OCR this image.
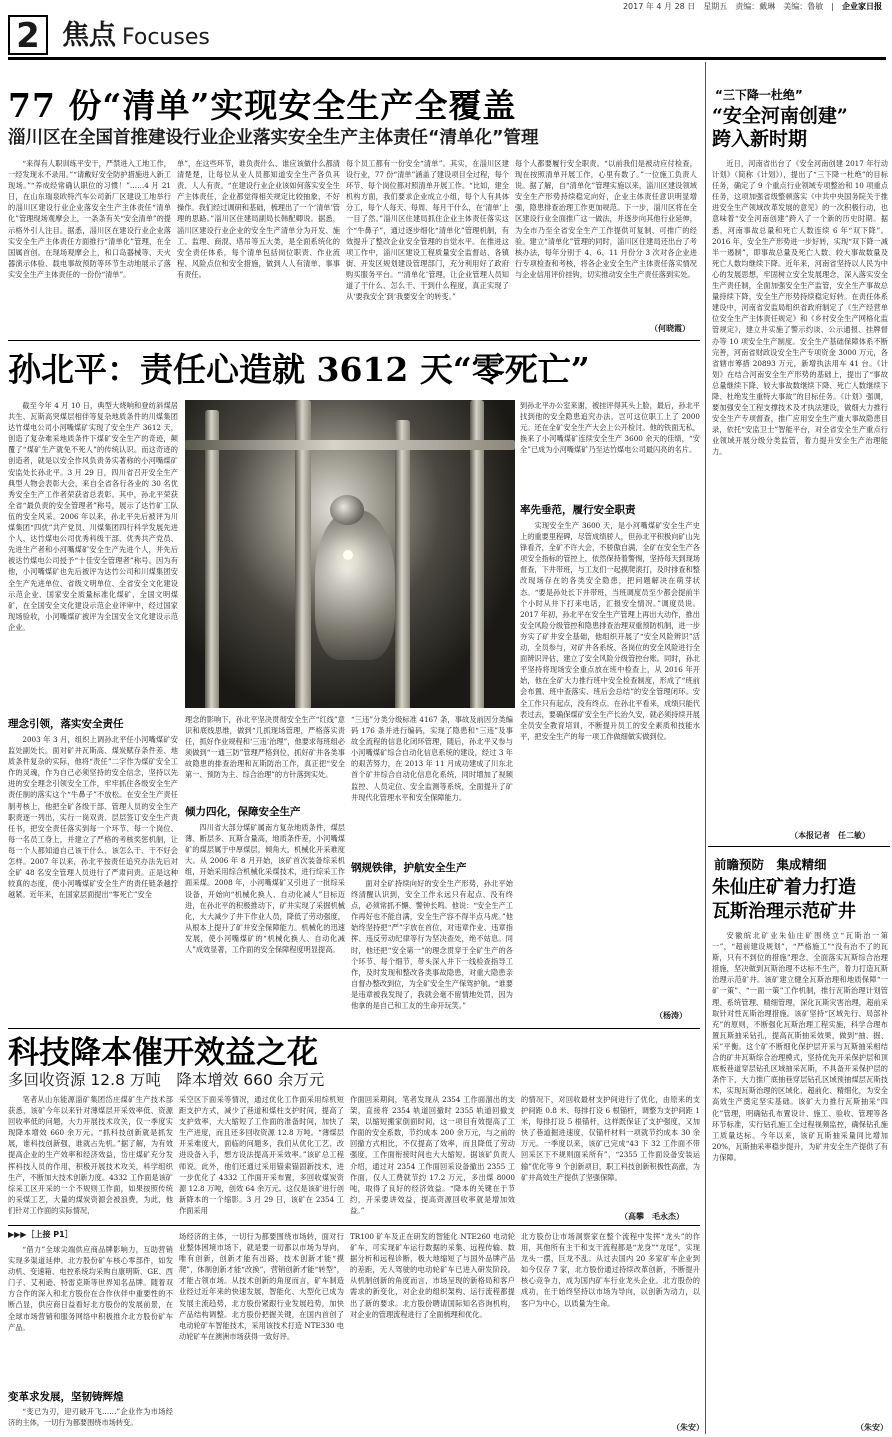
2017 年 4 月 28 日　星期五　责编：戴琳　美编：鲁敏　|　企业家日报
2 焦点 Focuses
77 份“清单”实现安全生产全覆盖
淄川区在全国首推建设行业企业落实安全生产主体责任“清单化”管理
“来得有人职训练平安干，严禁进入工地工作，一经发现永不录用。”“请戴好安全防护措施进入新工现场。”“养成经常确认职位的习惯！”……4 月 21 日，在山东瑞泉欧特汽车公司新厂区建设工地举行的淄川区建设行业企业落安全生产主体责任“清单化”管理现场观摩会上，一条条有关“安全清单”的提示格外引人注目。据悉，淄川区在建设行业企业落实安全生产主体责任方面推行“清单化”管理，在全国属首创。在现场观摩会上，和口岛器械等、天火器演示体验、载电事故预防等环节生动地展示了落实安全生产主体责任的一份份“清单”。
单”，在这些环节，谁负责什么、谁应该做什么都清清楚楚，让每位从业人员都知道安全生产各负其责、人人有责。“在建设行业企业该如何落实安全生产主体责任，企业都觉得相关规定比较抽象，不好操作。我们经过调研和基础，梳理出了一个‘清单’管理的思路。”淄川区住建局副局长韩配卿说。据悉，淄川区建设行业企业的安全生产清单分为开发、施工、监理、商混、塔吊等五大类，是全面系统化的安全责任体系，每个清单包括岗位职责、作业流程、风险点位和安全措施，做到人人有清单、事事有责任。
每个员工都有一份安全“清单”。其实，在淄川区建设行业，77 份“清单”涵盖了建设项目全过程，每个环节、每个岗位都对照清单开展工作。“比如，建全机构方面，我们要求企业成立小组，每个人有具体分工，每个人每天、每周、每月干什么，在‘清单’上一目了然。”淄川区住建局抓住企业主体责任落实这个“牛鼻子”，通过逐步细化“清单化”管理机制，有效提升了整改企业安全管理的自觉水平。在推进这项工作中，淄川区建设工程质量安全监督站、各镇街、开发区规划建设管理部门，充分利用好了政府购买服务平台。“‘清单化’管理，让企业管理人员知道了干什么、怎么干、干到什么程度，真正实现了从‘要我安全’到‘我要安全’的转变。”
每个人都要履行安全职责。“以前我们是被动应付检查，现在按照清单开展工作，心里有数了。”一位施工负责人说。据了解，自“清单化”管理实施以来，淄川区建设领域安全生产形势持续稳定向好，企业主体责任意识明显增强，隐患排查治理工作更加规范。下一步，淄川区将在全区建设行业全面推广这一做法，并逐步向其他行业延伸，为全市乃至全省安全生产工作提供可复制、可推广的经验。建立“清单化”管理的同时，淄川区住建局还出台了考核办法，每年分别于 4、6、11 月份分 3 次对各企业进行专项检查和考核，将各企业安全生产主体责任落实情况与企业信用评价挂钩，切实推动安全生产责任落到实处。
（何晓霞）
孙北平：责任心造就 3612 天“零死亡”
截至今年 4 月 10 日，典型大烧响和登纺斜煤居共生、瓦斯高突煤层相伴等复杂地质条件的川煤集团达竹煤电公司小河嘴煤矿实现了安全生产 3612 天，创造了复杂难采地质条件下煤矿安全生产的奇迹，颠覆了“煤矿生产就免不死人”的传统认识。而这奇迹的创造者，就是以安全作风负责务实著称的小河嘴煤矿安监处长孙北平。3 月 29 日，四川省召开安全生产典型人物会表彰大会，来自全省各行各业的 30 名优秀安全生产工作者荣获省总表彰。其中，孙北平荣获全省“最负责的安全管理者”称号，展示了达竹矿工队伍的安全风采。2006 年以来，孙北平先后被评为川煤集团“四优”共产党员、川煤集团四行科学发展先进个人、达竹煤电公司优秀科级干部、优秀共产党员、先进生产者和小河嘴煤矿安全生产先进个人，并先后被达竹煤电公司授予“十佳安全管理者”称号。因为有他，小河嘴煤矿也先后被评为达竹公司和川煤集团安全生产先进单位、省级文明单位、全省安全文化建设示范企业、国家安全质量标准化煤矿、全国文明煤矿，在全国安全文化建设示范企业评审中，经过国家现场验收，小河嘴煤矿被评为全国安全文化建设示范企业。
理念引领，落实安全责任
2003 年 3 月，组织上调孙北平任小河嘴煤矿安监处副处长。面对矿井瓦斯高、煤炭赋存条件差、地质条件复杂的实际，他将“责任”二字作为煤矿安全工作的灵魂，作为自己必须坚持的安全信念，坚持以先进的安全理念引领安全工作，牢牢抓住各级安全生产责任制的落实这个“牛鼻子”不放松。在安全生产责任制考核上，他把全矿各级干部、管理人员的安全生产职责逐一列出，实行一岗双责、层层签订安全生产责任书，把安全责任落实到每一个环节、每一个岗位、每一名员工身上，并建立了严格的考核奖惩机制，让每一个人都知道自己该干什么、该怎么干、干不好会怎样。2007 年以来，孙北平按责任追究办法先后对全矿 48 名安全管理人员进行了严肃问责。正是这种较真的态度，使小河嘴煤矿安全生产的责任链条越拧越紧。近年来，在国家层面提出“零死亡”安全
理念的影响下，孙北平坚决贯彻安全生产“红线”意识和底线思维，做到“几抓现场管理，严格落实责任，抓好作业规程和‘三违’治理”，他要求每班组必须做到“一通三防”管理严格到位，抓好矿井各类事故隐患的排查治理和瓦斯防治工作，真正把“安全第一、预防为主、综合治理”的方针落到实处。
倾力四化，保障安全生产
四川省大部分煤矿属南方复杂地质条件，煤层薄、断层多、瓦斯含量高，地质条件差，小河嘴煤矿的煤层属于中厚煤层，倾角大，机械化开采难度大。从 2006 年 8 月开始，该矿首次装备综采机组，开始采用综合机械化采煤技术，进行综采工作面采煤。2008 年，小河嘴煤矿又引进了一批综采设备，开始向“机械化换人、自动化减人”目标迈进，在孙北平的积极推动下，矿井实现了采掘机械化，大大减少了井下作业人员，降低了劳动强度，从根本上提升了矿井安全保障能力。机械化的迅速发展，使小河嘴煤矿的“机械化换人、自动化减人”成效显著，工作面的安全保障程度明显提高。
“三违”分类分级标准 4167 条，事故及前因分类编码 176 条并进行编码，实现了隐患和“三违”及事故全流程的信息化闭环管理，随后，孙北平又参与小河嘴煤矿综合自动化信息系统的建设，经过 3 年的艰苦努力，在 2013 年 11 月成功建成了川东北首个矿井综合自动化信息化系统，同时增加了视频监控、人员定位、安全监测等系统，全面提升了矿井现代化管理水平和安全保障能力。
钢规铁律，护航安全生产
面对全矿持续向好的安全生产形势，孙北平始终清醒认识到，安全工作永远只有起点、没有终点，必须常抓不懈、警钟长鸣。他说：“安全生产工作再好也不能自满，安全生产容不得半点马虎。”他始终坚持把“严”字放在首位，对违章作业、违章指挥、违反劳动纪律等行为坚决查处，绝不姑息。同时，他还把“安全第一”的理念贯穿于全矿生产的各个环节、每个细节，带头深入井下一线检查指导工作，及时发现和整改各类事故隐患，对重大隐患亲自督办整改到位，为全矿安全生产保驾护航。“谁要是违章被我发现了，我就会毫不留情地处罚，因为他拿的是自己和工友的生命开玩笑。”
到孙北平办公室来谢，被挂评得其头上脸，最后，孙北平找到他的安全隐患追究办法，岂可这位职工上了 2000 元。还在全矿安全生产大会上公开检讨。他的铁面无私，换来了小河嘴煤矿连续安全生产 3600 余天的佳绩，“安全”已成为小河嘴煤矿乃至达竹煤电公司最闪亮的名片。
率先垂范，履行安全职责
实现安全生产 3600 天，是小河嘴煤矿安全生产史上的重要里程碑，尽管成绩骄人，但孙北平积极向矿山先锋看齐，全矿不许大会，不骄傲自满，全矿在安全生产各项安全指标的管控上，依然保持着警惕，坚持每天到现场督查，下井带班，与工友们一起摸爬滚打，及时排查和整改现场存在的各类安全隐患，把问题解决在萌芽状态。“要是孙处长下井带班，当班调度员至少都会提前半个小时从井下打来电话，汇报安全情况。”调度员说。2017 年初，孙北平在安全生产管理上再出大动作，推出安全风险分级管控和隐患排查治理双重预防机制，进一步夯实了矿井安全基础，他组织开展了“安全风险辨识”活动，全员参与，对矿井各系统、各岗位的安全风险进行全面辨识评估，建立了安全风险分级管控台账。同时，孙北平坚持将现场安全重点放在班中检查上，从 2016 年开始，他在全矿大力推行班中安全检查制度，形成了“班前会布置、班中查落实、班后会总结”的安全管理闭环。安全工作只有起点，没有终点。在孙北平看来，成绩只能代表过去，要确保煤矿安全生产长治久安，就必须持续开展全员安全教育培训，不断提升员工的安全素质和技能水平，把安全生产的每一项工作做细做实做到位。
（杨涛）
科技降本催开效益之花
多回收资源 12.8 万吨　降本增效 660 余万元
笔者从山东能源淄矿集团岱庄煤矿生产技术部获悉，该矿今年以来针对薄煤层开采效率低、资源回收率低的问题，大力开展技术攻关，仅一季度实现降本增效 660 余万元。“抓科技创新就是抓发展，谁科技创新强，谁就占先机。”据了解，为有效提高企业的生产效率和经济效益，岱庄煤矿充分发挥科技人员的作用，积极开展技术攻关，科学组织生产，不断加大技术创新力度。4332 工作面是该矿综采工区开采的一个不规则工作面，如果按照传统的采煤工艺，大量的煤炭资源会被浪费，为此，他们针对工作面的实际情况，
采空区下面采等情况，通过优化工作面采用综机短距支护方式，减少了巷道和煤柱支护时间，提高了支护效率，大大缩短了工作面的准备时间，加快了生产进度，而且还多回收资源 12.8 万吨。“薄煤层开采难度大，面临的问题多，我们从优化工艺、改进设备入手，想方设法提高开采效率。”该矿总工程师说。此外，他们还通过采用锚索锚固新技术，进一步优化了 4332 工作面开采布置，多回收煤炭资源 12.8 万吨，创效 64 余万元。这仅是该矿进行创新降本的一个缩影。3 月 29 日，该矿在 2354 工作面采用
作面回采期间，笔者发现从 2354 工作面溜出的支架，直接将 2354 轨道回撤时 2355 轨道回撤支架，以缩短搬家倒面时间，这一项目有效提高了工作面的安全系数，节约成本 200 余万元，与之前的回撤方式相比，不仅提高了效率，而且降低了劳动强度，工作面衔接时间也大大缩短。据该矿负责人介绍，通过对 2354 工作面回采设备撤出 2355 工作面，仅人工费就节约 17.2 万元，多出煤 8000 吨，取得了良好的经济效益。“降本的关键在于节约，开采要讲效益，提高资源回收率就是增加效益。”
的情况下，对回收最材支护间进行了优化，由原来的支护间距 0.8 米、每排打设 6 根锚杆，调整为支护间距 1 米，每排打设 5 根锚杆，这样既保证了支护强度，又加快了巷道掘进速度，仅锚杆材料一项就节约成本 30 余万元。一季度以来，该矿已完成“43 下 32 工作面不带回采区下不规则面采所有”、“2355 工作面设备安装运输”优化等 9 个创新项目，职工科技创新积极性高涨，为矿井高效生产提供了坚强保障。
（高攀　毛永杰）
▶▶▶［上接 P1］
“借力”全球尖端供应商品牌影响力，互助营销实现多渠道延伸。北方股份矿车核心零部件，如发动机、变速箱、电控系统均采购自康明斯、GE、西门子、艾利逊、特雷克斯等世界知名品牌。随着双方合作的深入和北方股份在合作伙伴中重要性的不断凸显，供应商日益看好北方股份的发展前景，在全球市场营销和服务网络中积极推介北方股份矿车产品。
变革求发展，坚韧铸辉煌
“变已为刃，迎刃破开飞……”企业作为市场经济的主体，一切行为都要围绕市场转变。
场经济的主体，一切行为都要围绕市场转，面对行业整体困境市场下，就是要一切都以市场为导向，唯有创新，创新才能有出路，技术创新才能“摸爬”，体制创新才能“改换”，营销创新才能“转型”，才能占领市场。从技术创新的角度而言，矿车制造业经过近年来的快速发展，智能化、大型化已成为发展主流趋势，北方股份紧跟行业发展趋势，加快产品结构调整。北方股份把握关键，在国内首创了电动轮矿车智能技术，采用该技术打造 NTE330 电动轮矿车在澳洲市场获得一致好评。
TR100 矿车及正在研发的智能化 NTE260 电动轮矿车，可实现矿车运行数据的采集、远程传输、数据分析和远程诊断，极大地缩短了与国外品牌产品的差距，无人驾驶的电动轮矿车已进入研发阶段。从机制创新的角度而言，市场呈现的新格局和客户需求的新变化，对企业的组织架构、运行流程都提出了新的要求。北方股份聘请国际知名咨询机构，对企业的管理流程进行了全面梳理和优化。
北方股份让市场洞察家在整个流程中发挥“龙头”的作用，其他所有主干和支干流程都是“龙身”“龙尾”，实现龙头一摆，巨龙不乱。从过去国内 20 多家矿车企业到如今仅存 7 家，北方股份通过持续改革创新，不断提升核心竞争力，成为国内矿车行业龙头企业。北方股份的成功，在于始终坚持以市场为导向，以创新为动力，以客户为中心，以质量为生命。
（朱安）
“三下降一杜绝”
“安全河南创建”
跨入新时期
近日，河南省出台了《安全河南创建 2017 年行动计划》（简称《计划》），提出了“三下降一杜绝”的目标任务，确定了 9 个重点行业领域专项整治和 10 项重点任务，这项加强省级整顿落实《中共中央国务院关于推进安全生产领域改革发展的意见》的一次积极行动，也意味着“安全河南创建”跨入了一个新的历史时期。据悉，河南事故总量和死亡人数连续 6 年“双下降”。2016 年，安全生产形势进一步好转，实现“双下降一减半一遏制”，即事故总量及死亡人数、较大事故数量及死亡人数均继续下降。近年来，河南省坚持以人民为中心的发展思想，牢固树立安全发展理念，深入落实安全生产责任制，全面加强安全生产监管，安全生产事故总量持续下降，安全生产形势持续稳定好转。在责任体系建设中，河南省安监局组织省政府制定了《生产经营单位安全生产主体责任规定》和《乡村安全生产网格化监管规定》，建立并实施了警示约谈、公示通报、挂牌督办等 10 项安全生产制度。安全生产基础保障体系不断完善，河南省财政设安全生产专项资金 3000 万元，各省辖市筹措 20893 万元，新增执法用车 41 台。《计划》在结合河南安全生产形势的基础上，提出了“事故总量继续下降、较大事故数继续下降、死亡人数继续下降、杜绝发生重特大事故”的目标任务。《计划》强调，要加强安全工程支撑技术及才执法建设，做细大力推行安全生产专项督查，推广应用安全生产重大事故隐患目录，依托“安监卫士”智能平台，对全省安全生产重点行业领域开展分级分类监管，着力提升安全生产治理能力。
（本报记者　任二敏）
前瞻预防　集成精细
朱仙庄矿着力打造
瓦斯治理示范矿井
安徽皖北矿业朱仙庄矿围绕立“瓦斯治一第一”，“超前建设规划”，“严格施工”“没有治不了的瓦斯，只有不到位的措施”理念，全面落实瓦斯综合治理措施，坚决做到瓦斯治理不达标不生产，着力打造瓦斯治理示范矿井。该矿建立健全瓦斯治理和地质保障“一矿一策”、“一面一策”工作机制，推行瓦斯治理计划管理、系统管理、精细管理，深化瓦斯灾害治理，超前采取针对性瓦斯治理措施。该矿坚持“区域先行、局部补充”的原则，不断强化瓦斯治理工程实施，科学合理布置瓦斯抽采钻孔，提高瓦斯抽采效果，做到“抽、掘、采”平衡。这个矿不断细化保护层开采与瓦斯抽采相结合的矿井瓦斯综合治理模式，坚持优先开采保护层和顶底板巷道穿层钻孔区域抽采瓦斯，不具备开采保护层的条件下，大力推广底抽巷穿层钻孔区域预抽煤层瓦斯技术，实现瓦斯治理的区域化、超前化、精细化，为安全高效生产奠定坚实基础。该矿大力推行瓦斯抽采“四化”管理，明确钻孔布置设计、施工、验收、管理等各环节标准，实行钻孔施工全过程视频监控，确保钻孔施工质量达标。今年以来，该矿瓦斯抽采量同比增加 20%，瓦斯抽采率稳步提升，为矿井安全生产提供了有力保障。
（朱安）
